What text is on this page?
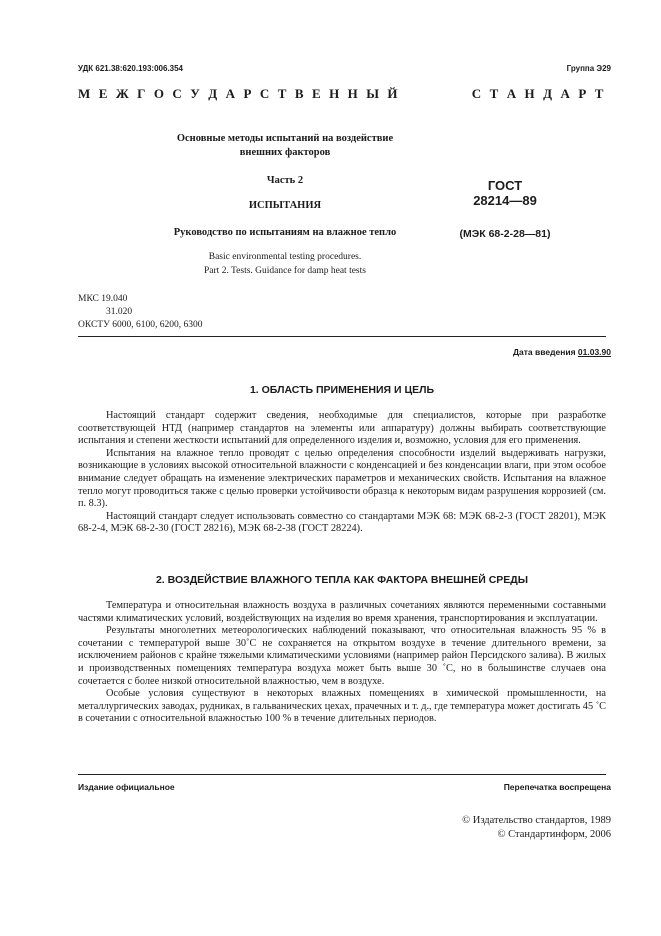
УДК 621.38:620.193:006.354	Группа Э29
М Е Ж Г О С У Д А Р С Т В Е Н Н Ы Й	С Т А Н Д А Р Т
Основные методы испытаний на воздействие
внешних факторов
Часть 2
ИСПЫТАНИЯ
Руководство по испытаниям на влажное тепло
Basic environmental testing procedures.
Part 2. Tests. Guidance for damp heat tests
ГОСТ
28214—89
(МЭК 68-2-28—81)
МКС 19.040
31.020
ОКСТУ 6000, 6100, 6200, 6300
Дата введения 01.03.90
1. ОБЛАСТЬ ПРИМЕНЕНИЯ И ЦЕЛЬ

Настоящий стандарт содержит сведения, необходимые для специалистов, которые при разработке соответствующей НТД (например стандартов на элементы или аппаратуру) должны выбирать соответствующие испытания и степени жесткости испытаний для определенного изделия и, возможно, условия для его применения.

Испытания на влажное тепло проводят с целью определения способности изделий выдерживать нагрузки, возникающие в условиях высокой относительной влажности с конденсацией и без конденсации влаги, при этом особое внимание следует обращать на изменение электрических параметров и механических свойств. Испытания на влажное тепло могут проводиться также с целью проверки устойчивости образца к некоторым видам разрушения коррозией (см. п. 8.3).

Настоящий стандарт следует использовать совместно со стандартами МЭК 68: МЭК 68-2-3 (ГОСТ 28201), МЭК 68-2-4, МЭК 68-2-30 (ГОСТ 28216), МЭК 68-2-38 (ГОСТ 28224).

2. ВОЗДЕЙСТВИЕ ВЛАЖНОГО ТЕПЛА КАК ФАКТОРА ВНЕШНЕЙ СРЕДЫ

Температура и относительная влажность воздуха в различных сочетаниях являются переменными составными частями климатических условий, воздействующих на изделия во время хранения, транспортирования и эксплуатации.

Результаты многолетних метеорологических наблюдений показывают, что относительная влажность 95 % в сочетании с температурой выше 30˚С не сохраняется на открытом воздухе в течение длительного времени, за исключением районов с крайне тяжелыми климатическими условиями (например район Персидского залива). В жилых и производственных помещениях температура воздуха может быть выше 30 ˚С, но в большинстве случаев она сочетается с более низкой относительной влажностью, чем в воздухе.

Особые условия существуют в некоторых влажных помещениях в химической промышленности, на металлургических заводах, рудниках, в гальванических цехах, прачечных и т. д., где температура может достигать 45 ˚С в сочетании с относительной влажностью 100 % в течение длительных периодов.

Издание официальное	Перепечатка воспрещена
© Издательство стандартов, 1989
© Стандартинформ, 2006
